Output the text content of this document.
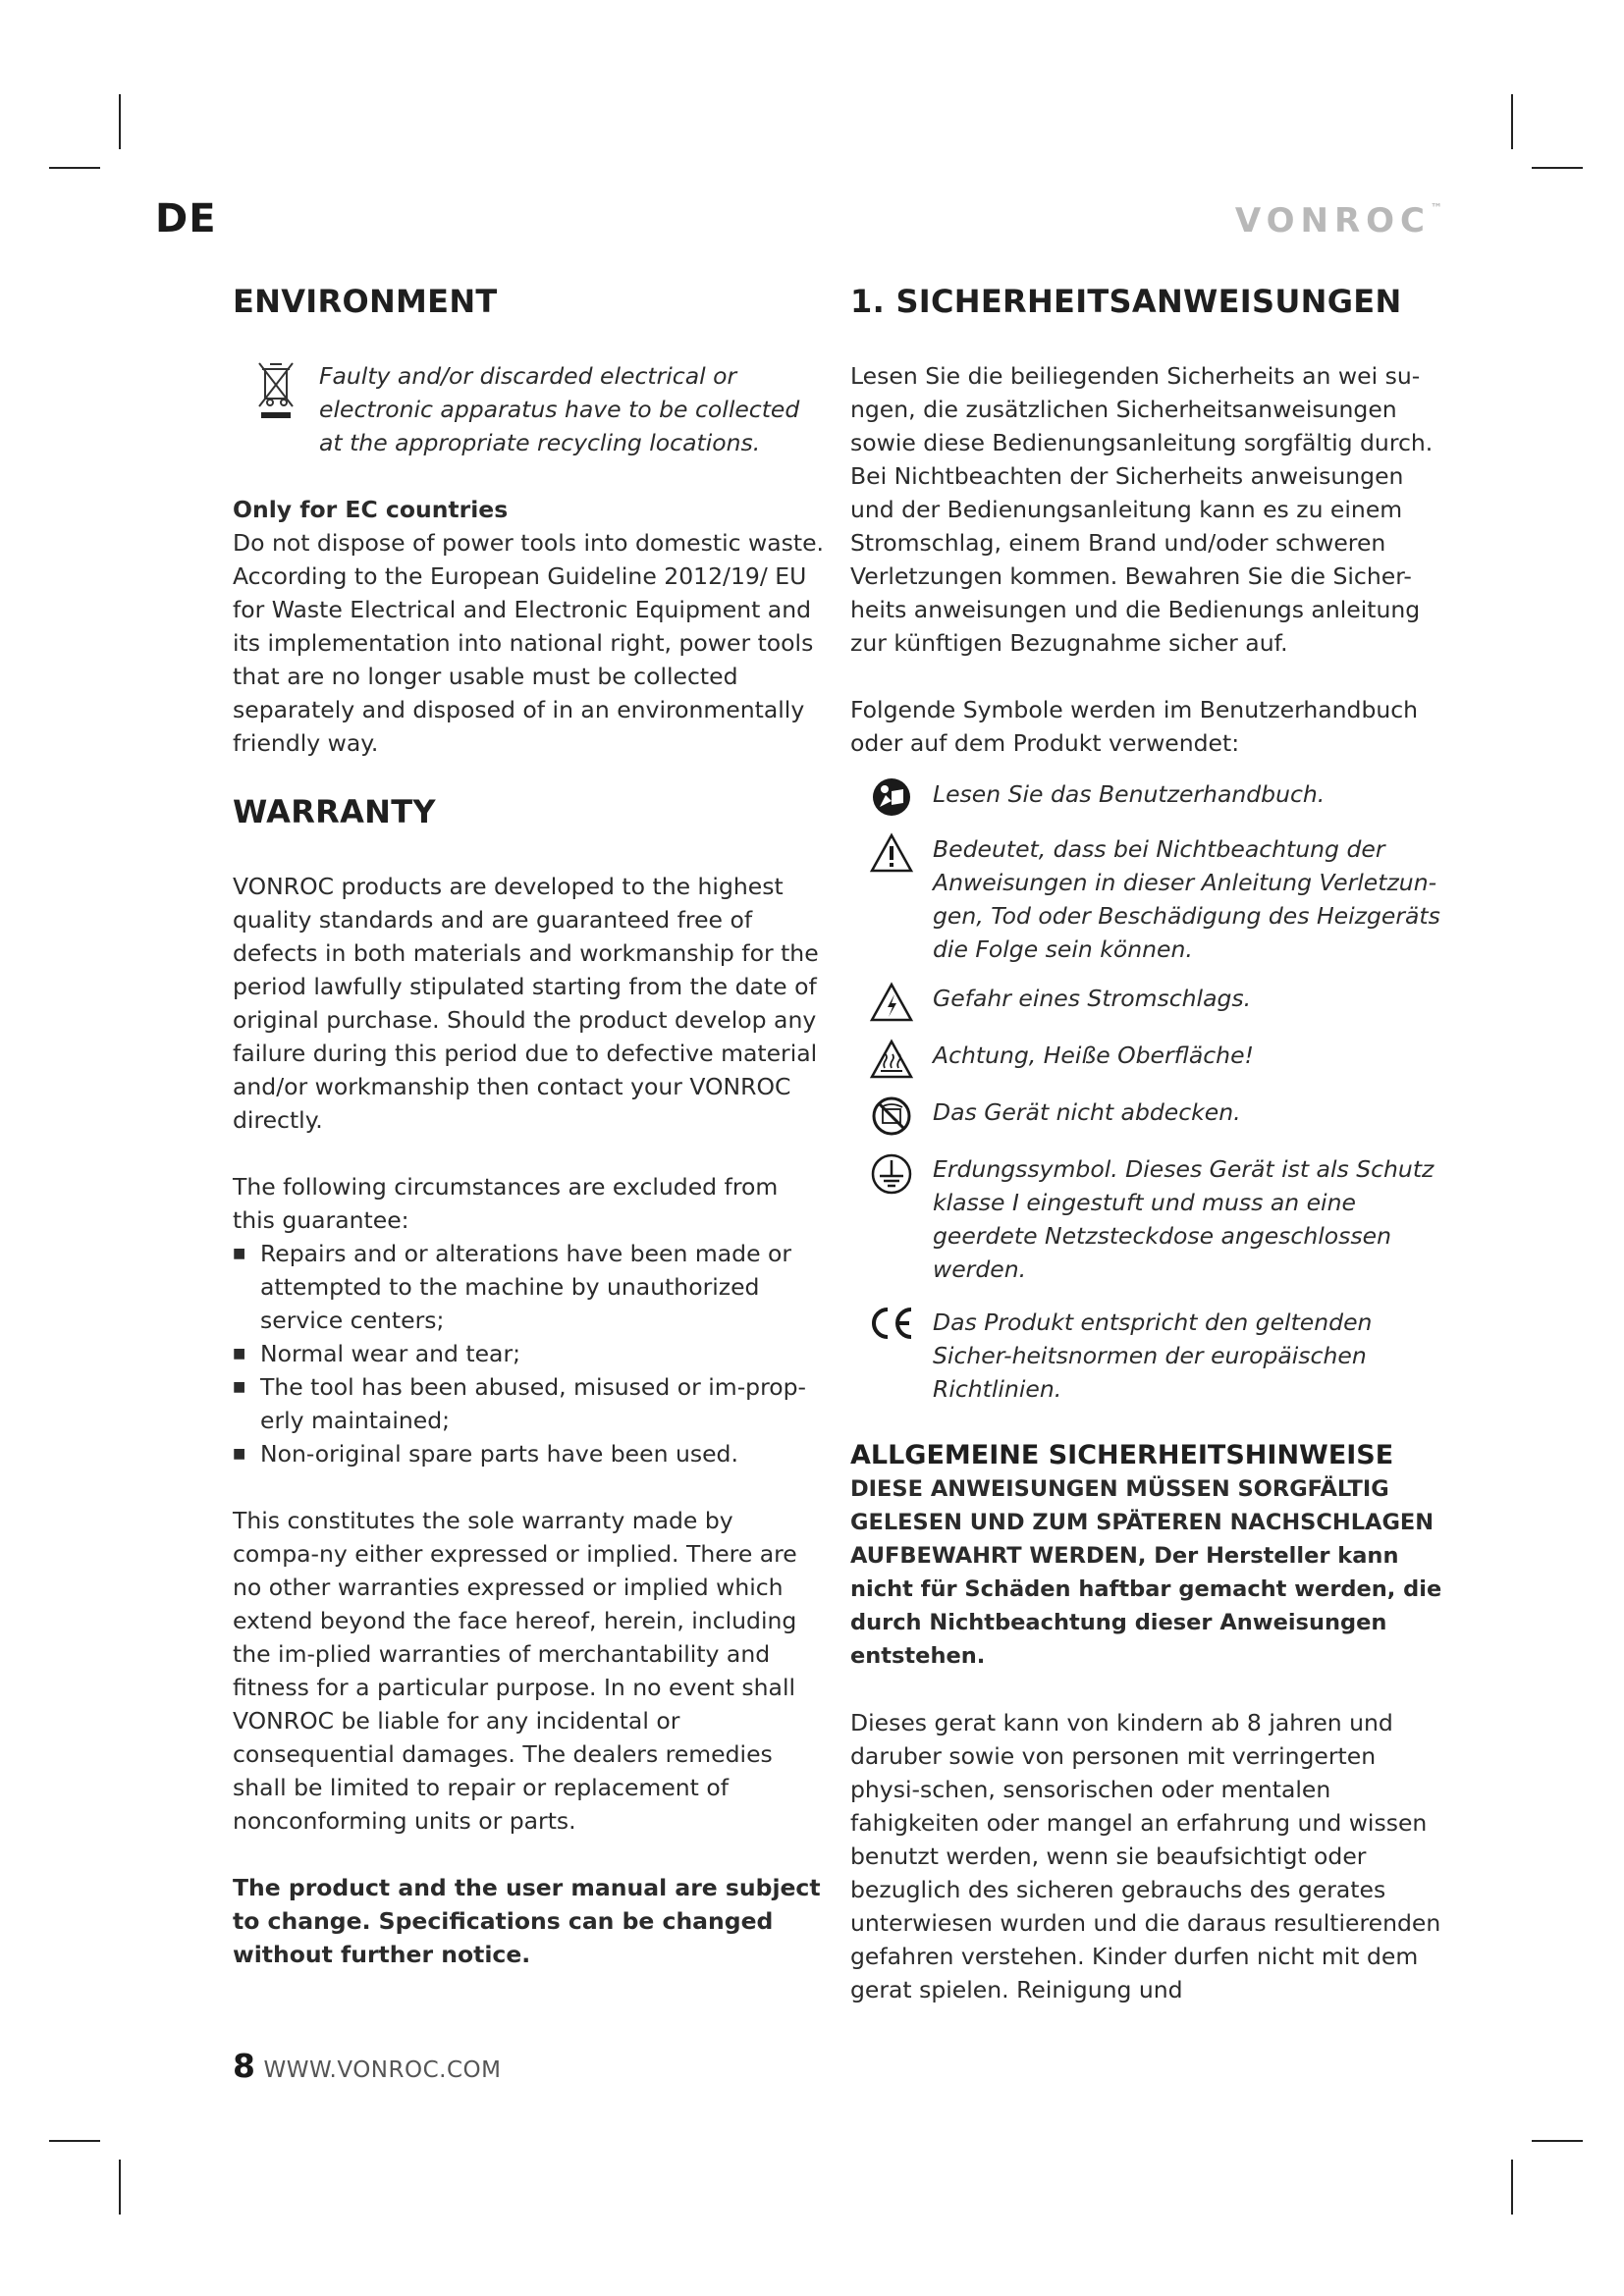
DE	VONROC™
ENVIRONMENT

Faulty and/or discarded electrical or electronic apparatus have to be collected at the appropriate recycling locations.

Only for EC countries

Do not dispose of power tools into domestic waste. According to the European Guideline 2012/19/ EU for Waste Electrical and Electronic Equipment and its implementation into national right, power tools that are no longer usable must be collected separately and disposed of in an environmentally friendly way.

WARRANTY

VONROC products are developed to the highest quality standards and are guaranteed free of defects in both materials and workmanship for the period lawfully stipulated starting from the date of original purchase. Should the product develop any failure during this period due to defective material and/or workmanship then contact your VONROC directly.

The following circumstances are excluded from this guarantee:

■ Repairs and or alterations have been made or attempted to the machine by unauthorized service centers;
■ Normal wear and tear;
■ The tool has been abused, misused or im-prop-erly maintained;
■ Non-original spare parts have been used.

This constitutes the sole warranty made by compa-ny either expressed or implied. There are no other warranties expressed or implied which extend beyond the face hereof, herein, including the im-plied warranties of merchantability and fitness for a particular purpose. In no event shall VONROC be liable for any incidental or consequential damages. The dealers remedies shall be limited to repair or replacement of nonconforming units or parts.

The product and the user manual are subject to change. Specifications can be changed without further notice.

1. SICHERHEITSANWEISUNGEN

Lesen Sie die beiliegenden Sicherheits an wei su-ngen, die zusätzlichen Sicherheitsanweisungen sowie diese Bedienungsanleitung sorgfältig durch. Bei Nichtbeachten der Sicherheits anweisungen und der Bedienungsanleitung kann es zu einem Stromschlag, einem Brand und/oder schweren Verletzungen kommen. Bewahren Sie die Sicher-heits anweisungen und die Bedienungs anleitung zur künftigen Bezugnahme sicher auf.

Folgende Symbole werden im Benutzerhandbuch oder auf dem Produkt verwendet:

Lesen Sie das Benutzerhandbuch.

Bedeutet, dass bei Nichtbeachtung der Anweisungen in dieser Anleitung Verletzun-gen, Tod oder Beschädigung des Heizgeräts die Folge sein können.

Gefahr eines Stromschlags.

Achtung, Heiße Oberfläche!

Das Gerät nicht abdecken.

Erdungssymbol. Dieses Gerät ist als Schutz klasse I eingestuft und muss an eine geerdete Netzsteckdose angeschlossen werden.

Das Produkt entspricht den geltenden Sicher-heitsnormen der europäischen Richtlinien.

ALLGEMEINE SICHERHEITSHINWEISE

DIESE ANWEISUNGEN MÜSSEN SORGFÄLTIG GELESEN UND ZUM SPÄTEREN NACHSCHLAGEN AUFBEWAHRT WERDEN, Der Hersteller kann nicht für Schäden haftbar gemacht werden, die durch Nichtbeachtung dieser Anweisungen entstehen.

Dieses gerat kann von kindern ab 8 jahren und daruber sowie von personen mit verringerten physi-schen, sensorischen oder mentalen fahigkeiten oder mangel an erfahrung und wissen benutzt werden, wenn sie beaufsichtigt oder bezuglich des sicheren gebrauchs des gerates unterwiesen wurden und die daraus resultierenden gefahren verstehen. Kinder durfen nicht mit dem gerat spielen. Reinigung und

8 WWW.VONROC.COM
